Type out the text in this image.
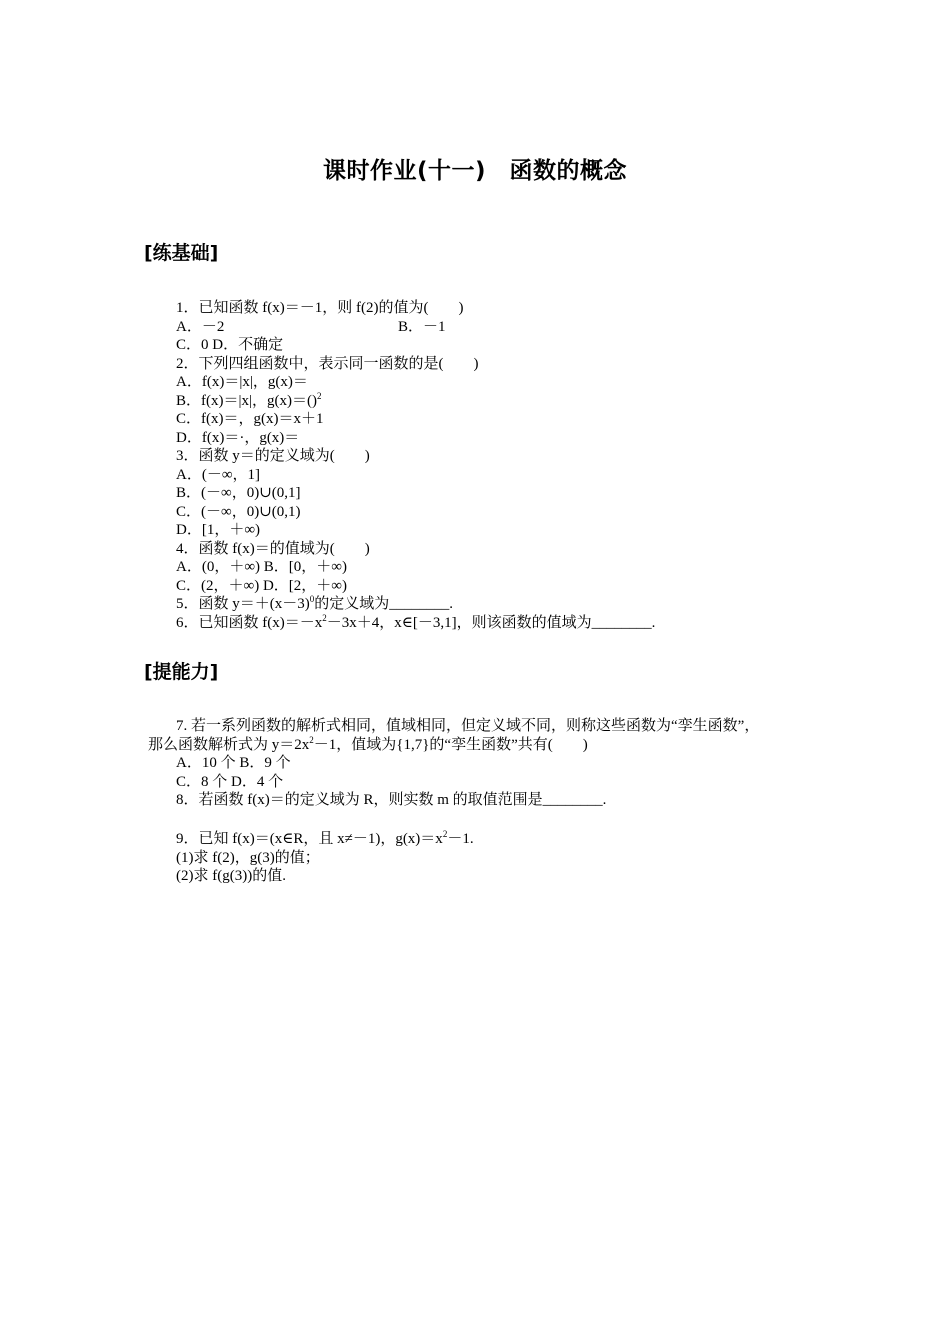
课时作业(十一)　函数的概念
[练基础]
1．已知函数 f(x)＝－1，则 f(2)的值为(　　)
A．－2	B．－1
C．0 D．不确定
2．下列四组函数中，表示同一函数的是(　　)
A．f(x)＝|x|，g(x)＝
B．f(x)＝|x|，g(x)＝()$^2$
C．f(x)＝，g(x)＝x＋1
D．f(x)＝·，g(x)＝
3．函数 y＝的定义域为(　　)
A．(－∞，1]
B．(－∞，0)∪(0,1]
C．(－∞，0)∪(0,1)
D．[1，＋∞)
4．函数 f(x)＝的值域为(　　)
A．(0，＋∞) B．[0，＋∞)
C．(2，＋∞) D．[2，＋∞)
5．函数 $y=+(x-3)^0$的定义域为________.
6．已知函数 $f(x)=-x^2-3x+4$，x∈[－3,1]，则该函数的值域为________.
[提能力]
7. 若一系列函数的解析式相同，值域相同，但定义域不同，则称这些函数为“孪生函数”，
那么函数解析式为 $y=2x^2-1$，值域为{1,7}的“孪生函数”共有(　　)
A．10 个 B．9 个
C．8 个 D．4 个
8．若函数 f(x)＝的定义域为 R，则实数 m 的取值范围是________.
9．已知 f(x)＝(x∈R，且 x≠－1)，$g(x)=x^2-1$.
(1)求 f(2)，g(3)的值；
(2)求 f(g(3))的值.
